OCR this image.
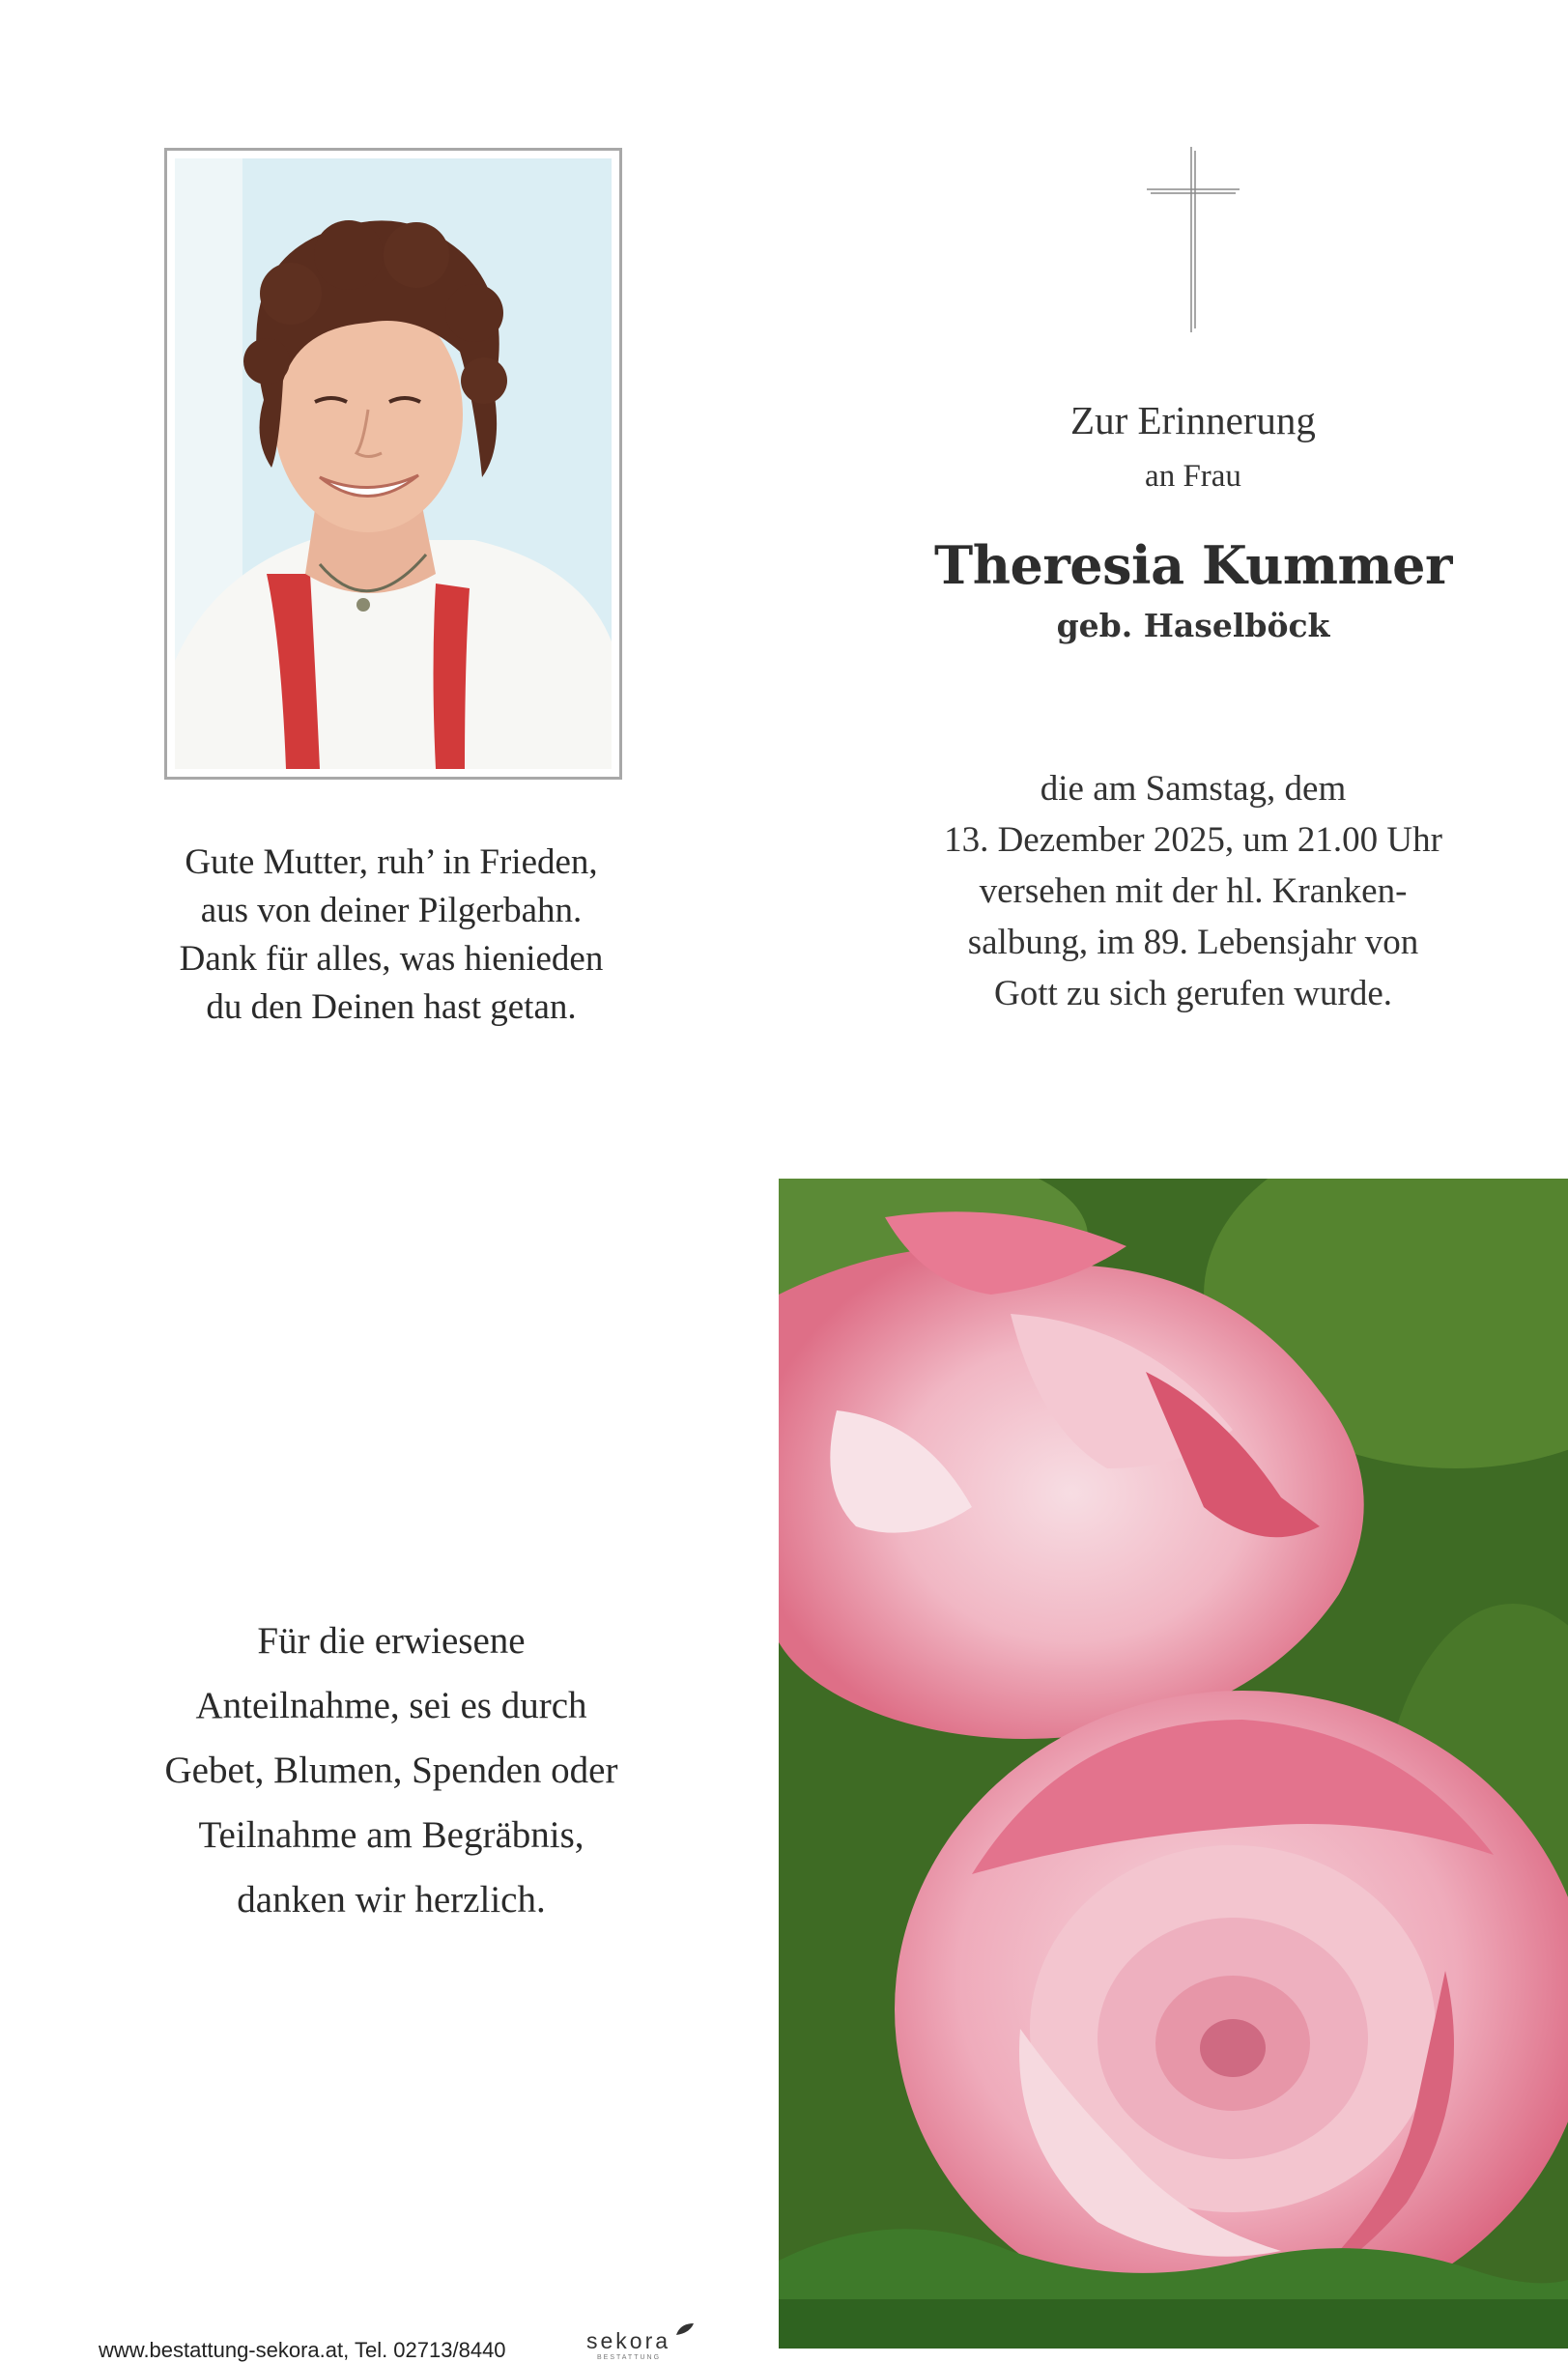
Gute Mutter, ruh’ in Frieden,
aus von deiner Pilgerbahn.
Dank für alles, was hienieden
du den Deinen hast getan.
Für die erwiesene
Anteilnahme, sei es durch
Gebet, Blumen, Spenden oder
Teilnahme am Begräbnis,
danken wir herzlich.
Zur Erinnerung
an Frau
Theresia Kummer
geb. Haselböck
die am Samstag, dem
13. Dezember 2025, um 21.00 Uhr
versehen mit der hl. Kranken-
salbung, im 89. Lebensjahr von
Gott zu sich gerufen wurde.
www.bestattung-sekora.at, Tel. 02713/8440	sekora
BESTATTUNG
